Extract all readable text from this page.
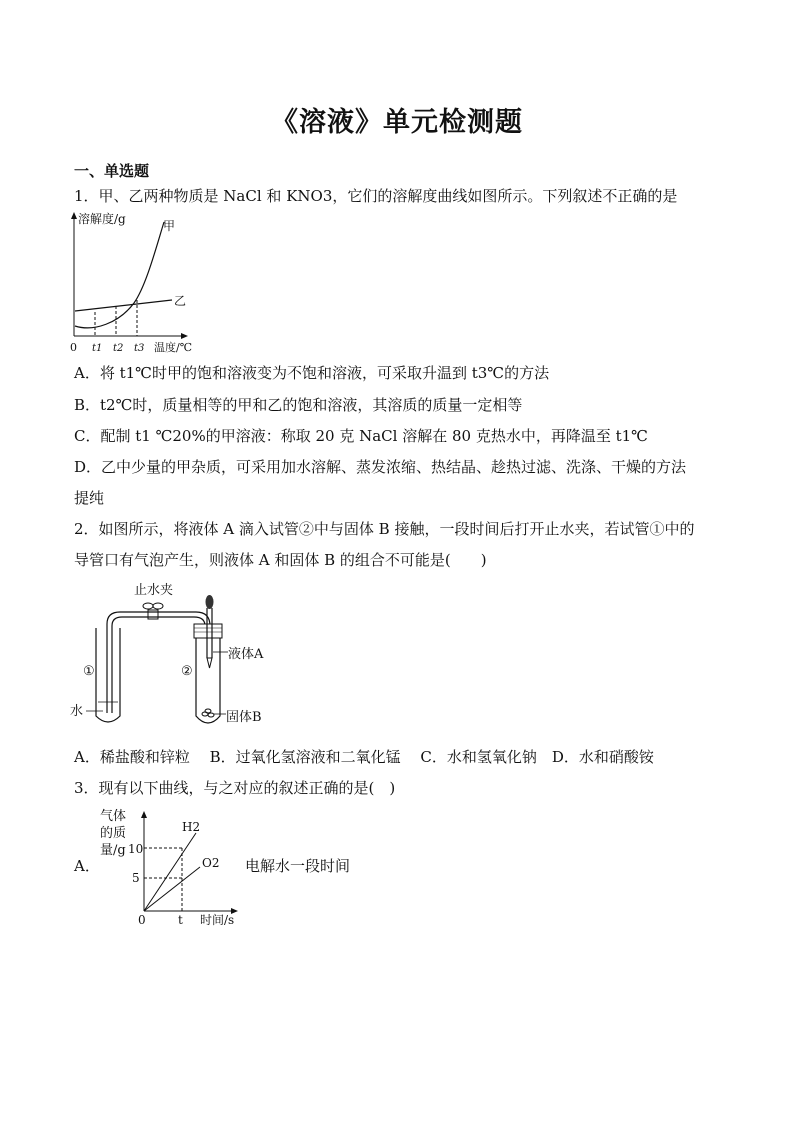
《溶液》单元检测题
一、单选题
1．甲、乙两种物质是 NaCl 和 KNO3，它们的溶解度曲线如图所示。下列叙述不正确的是
溶解度/g	甲
乙
0 t1 t2 t3 温度/℃
A．将 t1℃时甲的饱和溶液变为不饱和溶液，可采取升温到 t3℃的方法
B．t2℃时，质量相等的甲和乙的饱和溶液，其溶质的质量一定相等
C．配制 t1 ℃20%的甲溶液：称取 20 克 NaCl 溶解在 80 克热水中，再降温至 t1℃
D．乙中少量的甲杂质，可采用加水溶解、蒸发浓缩、热结晶、趁热过滤、洗涤、干燥的方法
提纯
2．如图所示，将液体 A 滴入试管②中与固体 B 接触，一段时间后打开止水夹，若试管①中的
导管口有气泡产生，则液体 A 和固体 B 的组合不可能是(　　)
止水夹
①	②
水
液体A
固体B
A．稀盐酸和锌粒　 B．过氧化氢溶液和二氧化锰　 C．水和氢氧化钠　D．水和硝酸铵
3．现有以下曲线，与之对应的叙述正确的是(　)
A．
气体
的质
量/g 10
5
0	t 时间/s
H2
O2 电解水一段时间
